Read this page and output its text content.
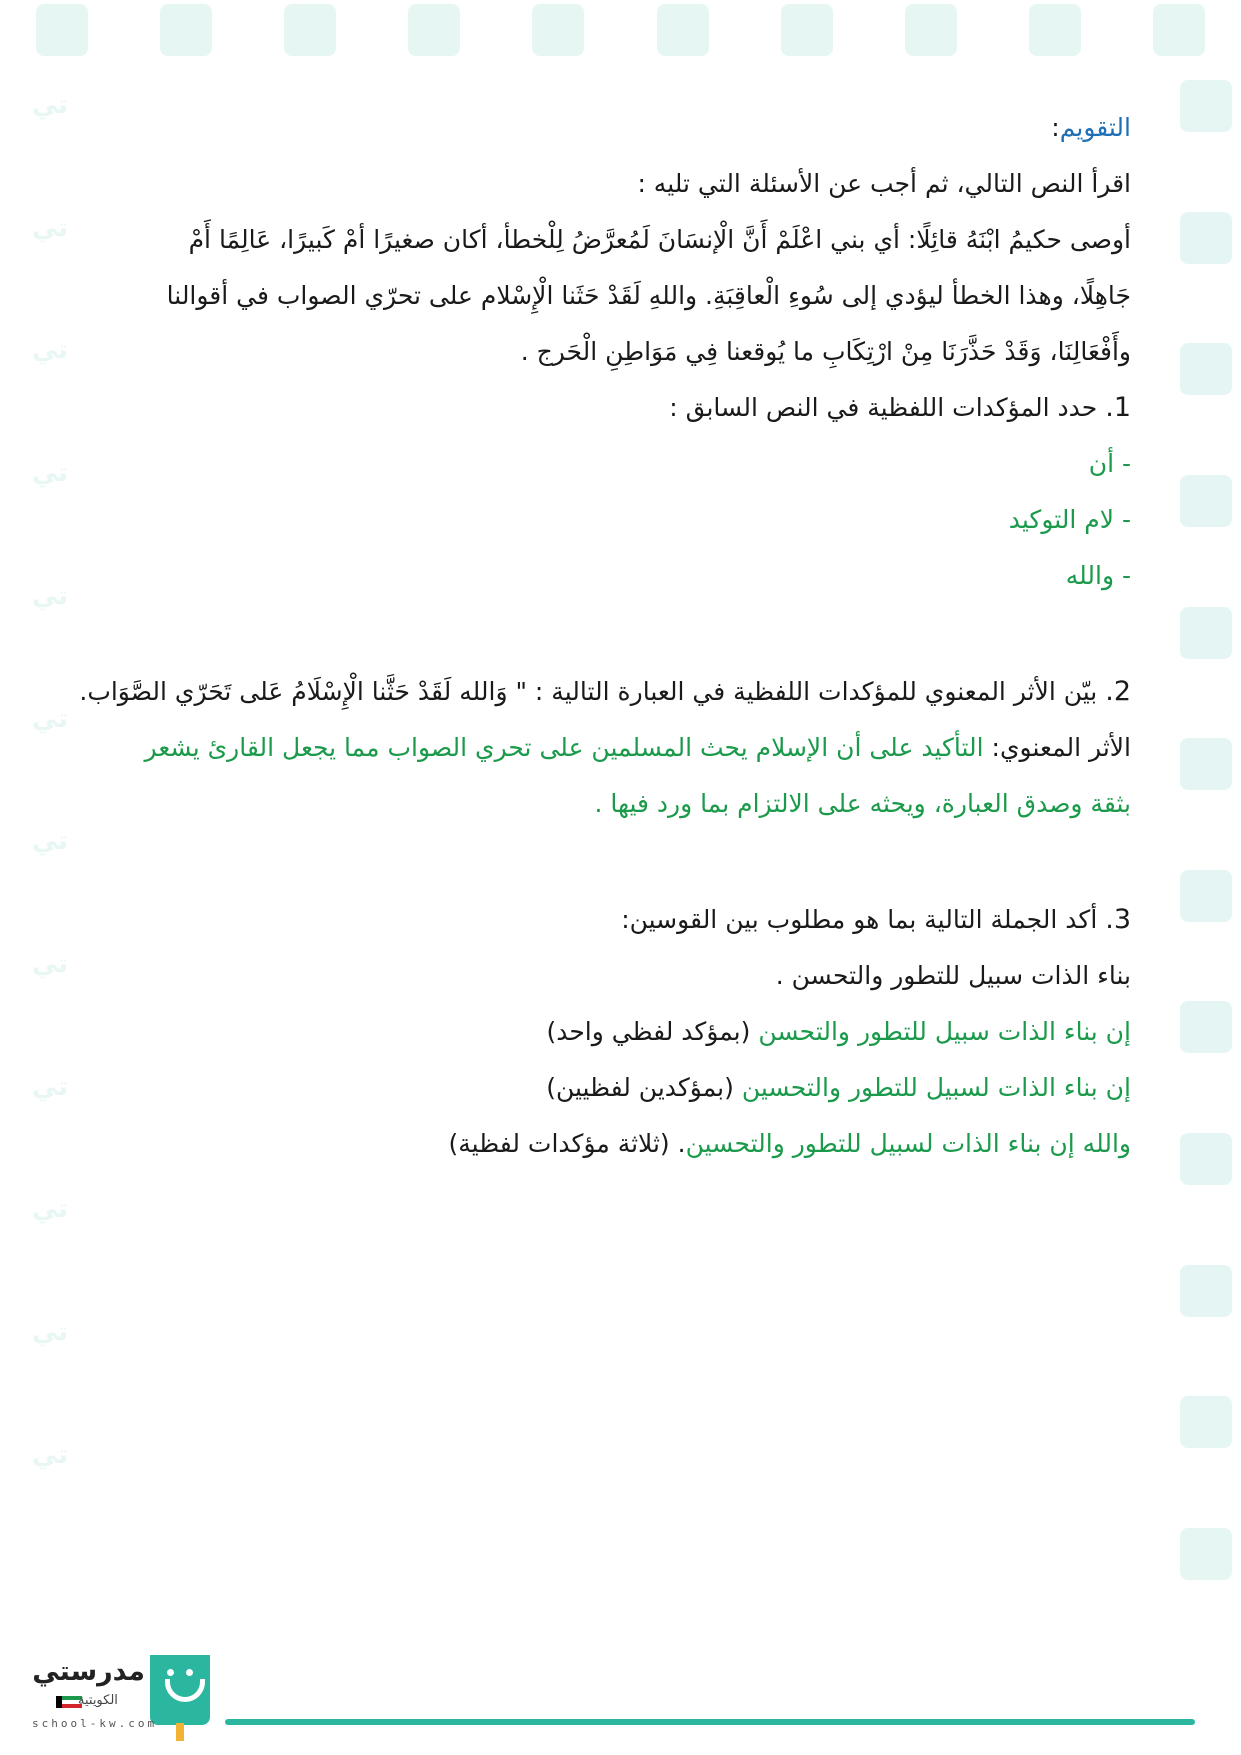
تي
تي
تي
تي
تي
تي
تي
تي
تي
تي
تي
تي

التقويم:

اقرأ النص التالي، ثم أجب عن الأسئلة التي تليه :

أوصى حكيمُ ابْنَهُ قائِلًا: أي بني اعْلَمْ أَنَّ الْإنسَانَ لَمُعرَّضُ لِلْخطأ، أكان صغيرًا أمْ كَبيرًا، عَالِمًا أَمْ

جَاهِلًا، وهذا الخطأ ليؤدي إلى سُوءِ الْعاقِبَةِ. واللهِ لَقَدْ حَثَنا الْإِسْلام على تحرّي الصواب في أقوالنا

وأَفْعَالِنَا، وَقَدْ حَذَّرَنَا مِنْ ارْتِكَابِ ما يُوقعنا فِي مَوَاطِنِ الْحَرج .

1. حدد المؤكدات اللفظية في النص السابق :

- أن

- لام التوكيد

- والله

2. بيّن الأثر المعنوي للمؤكدات اللفظية في العبارة التالية : " وَالله لَقَدْ حَثَّنا الْإِسْلَامُ عَلى تَحَرّي الصَّوَاب.

الأثر المعنوي: التأكيد على أن الإسلام يحث المسلمين على تحري الصواب مما يجعل القارئ يشعر

بثقة وصدق العبارة، ويحثه على الالتزام بما ورد فيها .

3. أكد الجملة التالية بما هو مطلوب بين القوسين:

بناء الذات سبيل للتطور والتحسن .

إن بناء الذات سبيل للتطور والتحسن (بمؤكد لفظي واحد)

إن بناء الذات لسبيل للتطور والتحسين (بمؤكدين لفظيين)

والله إن بناء الذات لسبيل للتطور والتحسين. (ثلاثة مؤكدات لفظية)

مدرستي
الكويتية
school-kw.com
